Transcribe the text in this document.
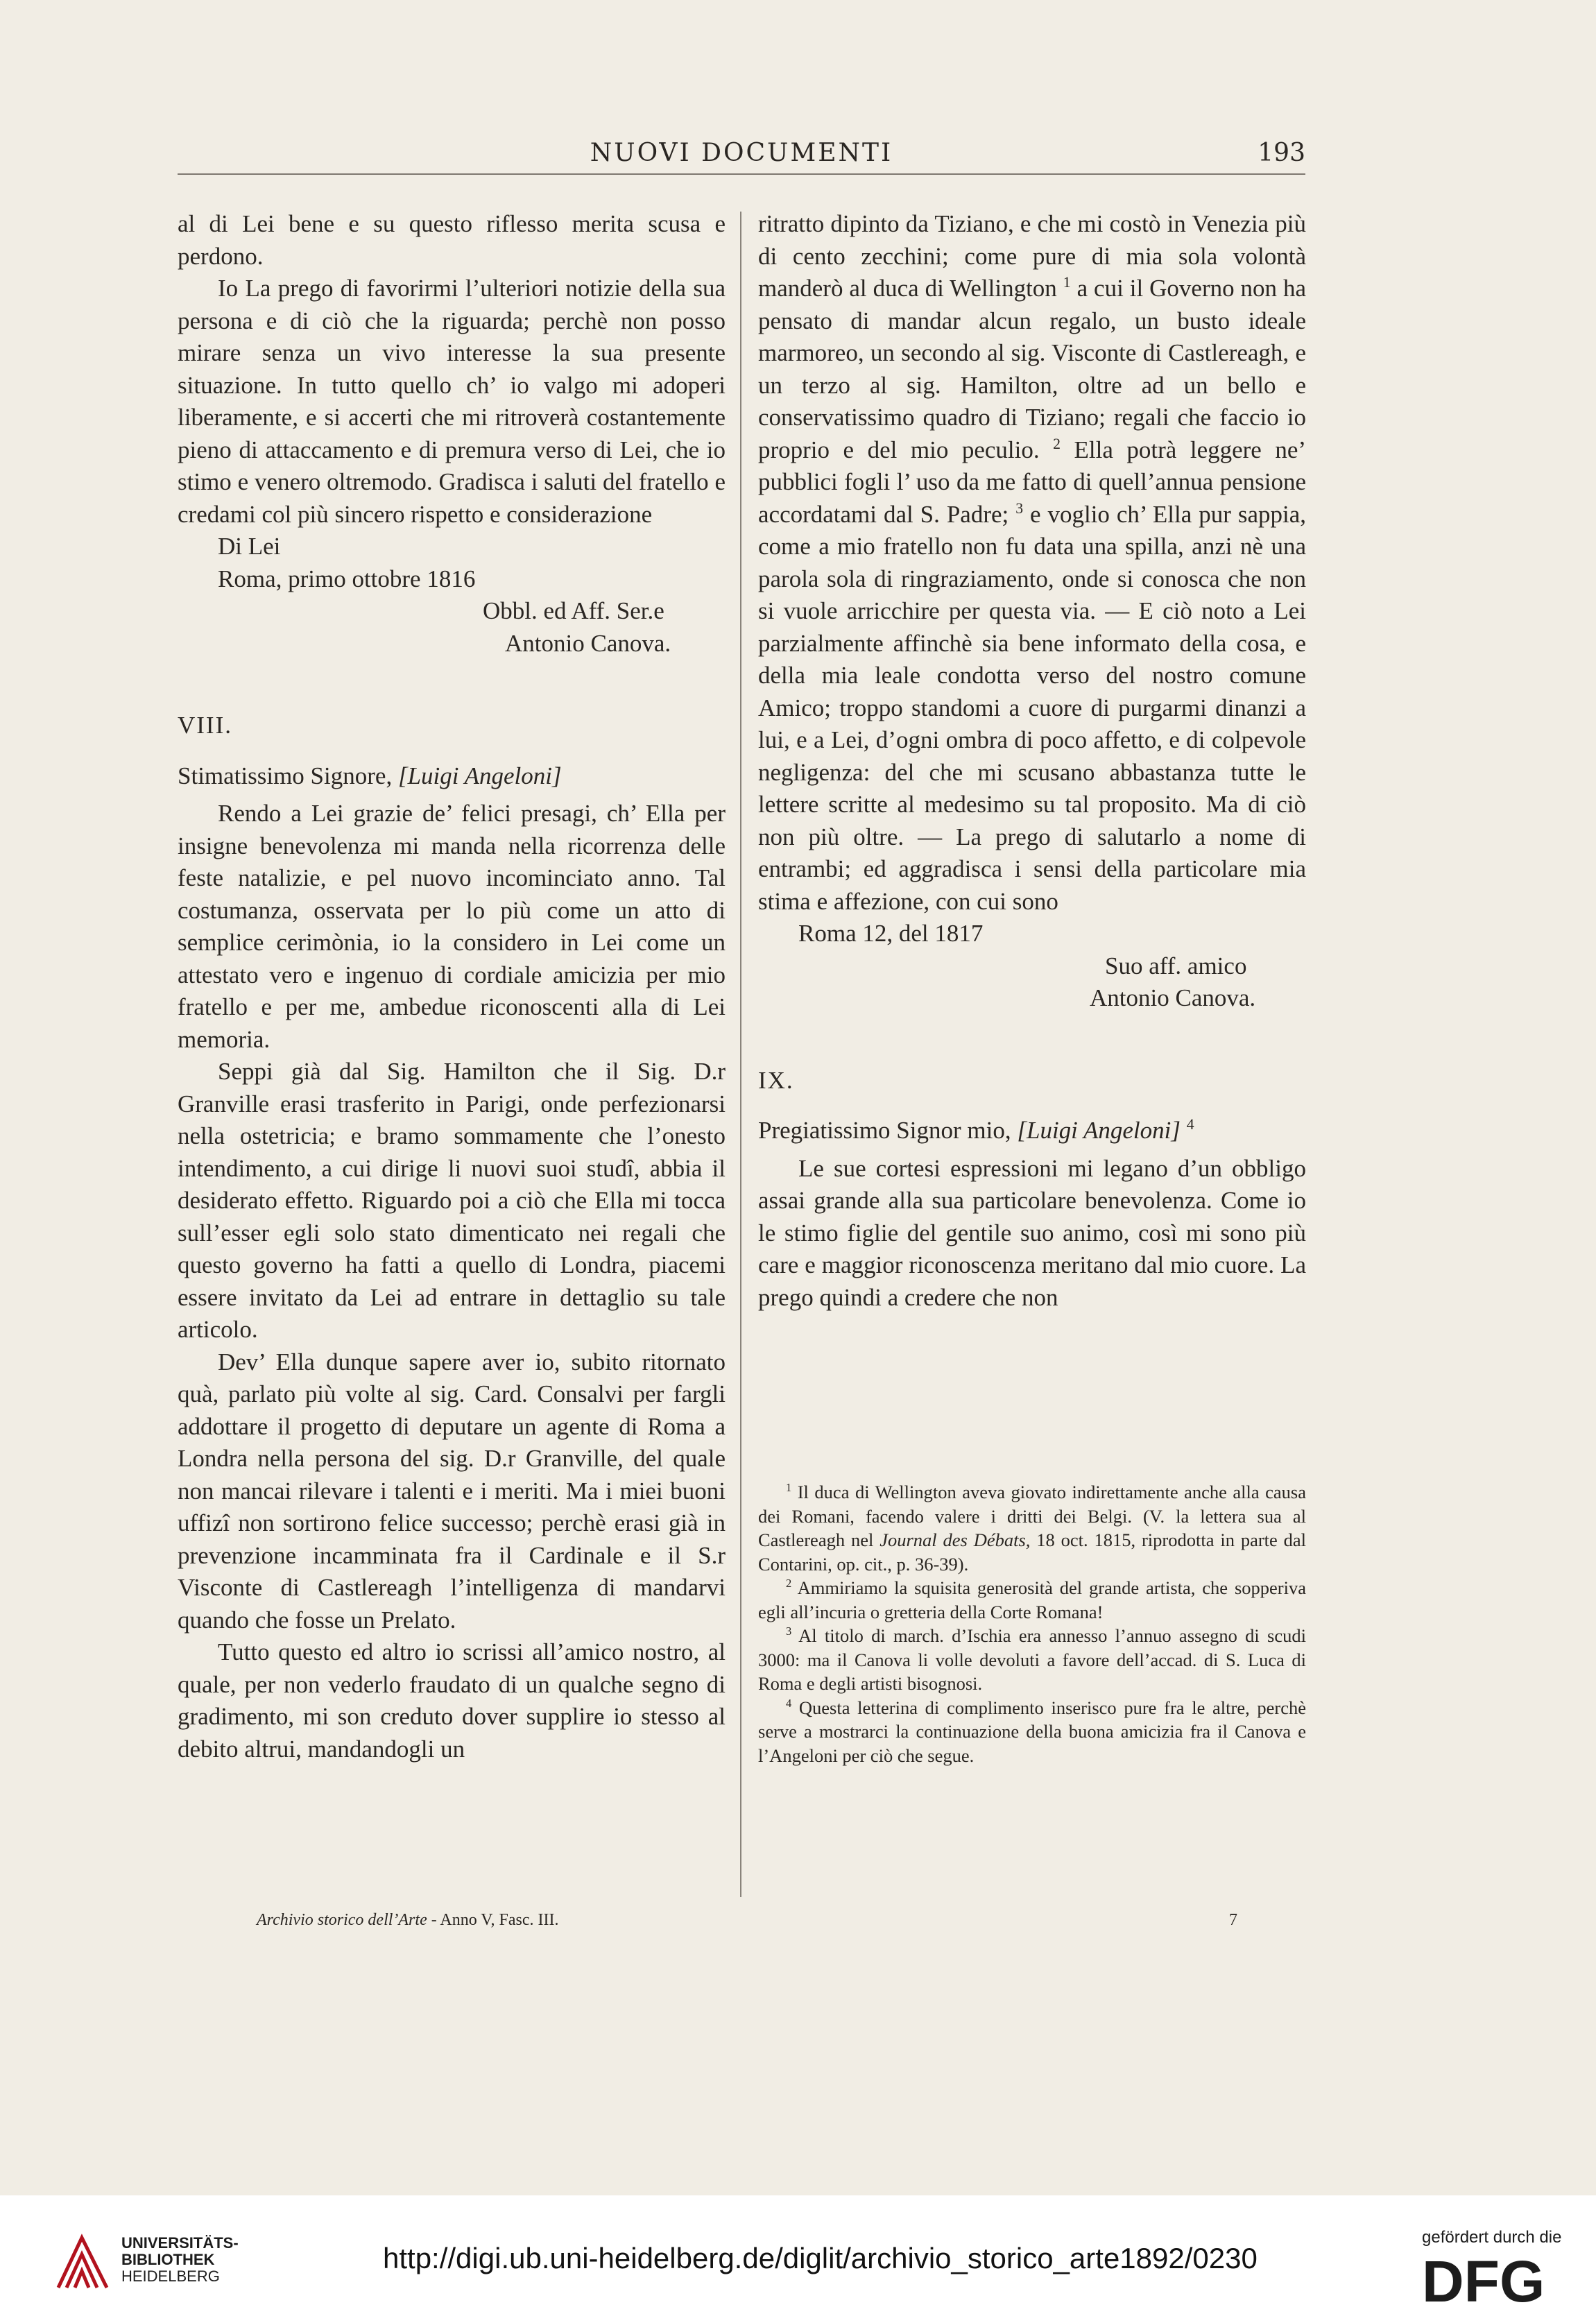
NUOVI DOCUMENTI	193

al di Lei bene e su questo riflesso merita scusa e perdono.

Io La prego di favorirmi l’ulteriori notizie della sua persona e di ciò che la riguarda; perchè non posso mirare senza un vivo interesse la sua presente situazione. In tutto quello ch’ io valgo mi adoperi liberamente, e si accerti che mi ritroverà costantemente pieno di attaccamento e di premura verso di Lei, che io stimo e venero oltremodo. Gradisca i saluti del fratello e credami col più sincero rispetto e considerazione

Di Lei

Roma, primo ottobre 1816

Obbl. ed Aff. Ser.e

Antonio Canova.

VIII.

Stimatissimo Signore, [Luigi Angeloni]

Rendo a Lei grazie de’ felici presagi, ch’ Ella per insigne benevolenza mi manda nella ricorrenza delle feste natalizie, e pel nuovo incominciato anno. Tal costumanza, osservata per lo più come un atto di semplice cerimònia, io la considero in Lei come un attestato vero e ingenuo di cordiale amicizia per mio fratello e per me, ambedue riconoscenti alla di Lei memoria.

Seppi già dal Sig. Hamilton che il Sig. D.r Granville erasi trasferito in Parigi, onde perfezionarsi nella ostetricia; e bramo sommamente che l’onesto intendimento, a cui dirige li nuovi suoi studî, abbia il desiderato effetto. Riguardo poi a ciò che Ella mi tocca sull’esser egli solo stato dimenticato nei regali che questo governo ha fatti a quello di Londra, piacemi essere invitato da Lei ad entrare in dettaglio su tale articolo.

Dev’ Ella dunque sapere aver io, subito ritornato quà, parlato più volte al sig. Card. Consalvi per fargli addottare il progetto di deputare un agente di Roma a Londra nella persona del sig. D.r Granville, del quale non mancai rilevare i talenti e i meriti. Ma i miei buoni uffizî non sortirono felice successo; perchè erasi già in prevenzione incamminata fra il Cardinale e il S.r Visconte di Castlereagh l’intelligenza di mandarvi quando che fosse un Prelato.

Tutto questo ed altro io scrissi all’amico nostro, al quale, per non vederlo fraudato di un qualche segno di gradimento, mi son creduto dover supplire io stesso al debito altrui, mandandogli un

ritratto dipinto da Tiziano, e che mi costò in Venezia più di cento zecchini; come pure di mia sola volontà manderò al duca di Wellington $^1$ a cui il Governo non ha pensato di mandar alcun regalo, un busto ideale marmoreo, un secondo al sig. Visconte di Castlereagh, e un terzo al sig. Hamilton, oltre ad un bello e conservatissimo quadro di Tiziano; regali che faccio io proprio e del mio peculio. $^2$ Ella potrà leggere ne’ pubblici fogli l’ uso da me fatto di quell’annua pensione accordatami dal S. Padre; $^3$ e voglio ch’ Ella pur sappia, come a mio fratello non fu data una spilla, anzi nè una parola sola di ringraziamento, onde si conosca che non si vuole arricchire per questa via. — E ciò noto a Lei parzialmente affinchè sia bene informato della cosa, e della mia leale condotta verso del nostro comune Amico; troppo standomi a cuore di purgarmi dinanzi a lui, e a Lei, d’ogni ombra di poco affetto, e di colpevole negligenza: del che mi scusano abbastanza tutte le lettere scritte al medesimo su tal proposito. Ma di ciò non più oltre. — La prego di salutarlo a nome di entrambi; ed aggradisca i sensi della particolare mia stima e affezione, con cui sono

Roma 12, del 1817

Suo aff. amico

Antonio Canova.

IX.

Pregiatissimo Signor mio, [Luigi Angeloni] $^4$

Le sue cortesi espressioni mi legano d’un obbligo assai grande alla sua particolare benevolenza. Come io le stimo figlie del gentile suo animo, così mi sono più care e maggior riconoscenza meritano dal mio cuore. La prego quindi a credere che non

$^1$ Il duca di Wellington aveva giovato indirettamente anche alla causa dei Romani, facendo valere i dritti dei Belgi. (V. la lettera sua al Castlereagh nel Journal des Débats, 18 oct. 1815, riprodotta in parte dal Contarini, op. cit., p. 36-39).

$^2$ Ammiriamo la squisita generosità del grande artista, che sopperiva egli all’incuria o gretteria della Corte Romana!

$^3$ Al titolo di march. d’Ischia era annesso l’annuo assegno di scudi 3000: ma il Canova li volle devoluti a favore dell’accad. di S. Luca di Roma e degli artisti bisognosi.

$^4$ Questa letterina di complimento inserisco pure fra le altre, perchè serve a mostrarci la continuazione della buona amicizia fra il Canova e l’Angeloni per ciò che segue.

Archivio storico dell’Arte - Anno V, Fasc. III.	7
UNIVERSITÄTS-
BIBLIOTHEK
HEIDELBERG
http://digi.ub.uni-heidelberg.de/diglit/archivio_storico_arte1892/0230
gefördert durch die
DFG
